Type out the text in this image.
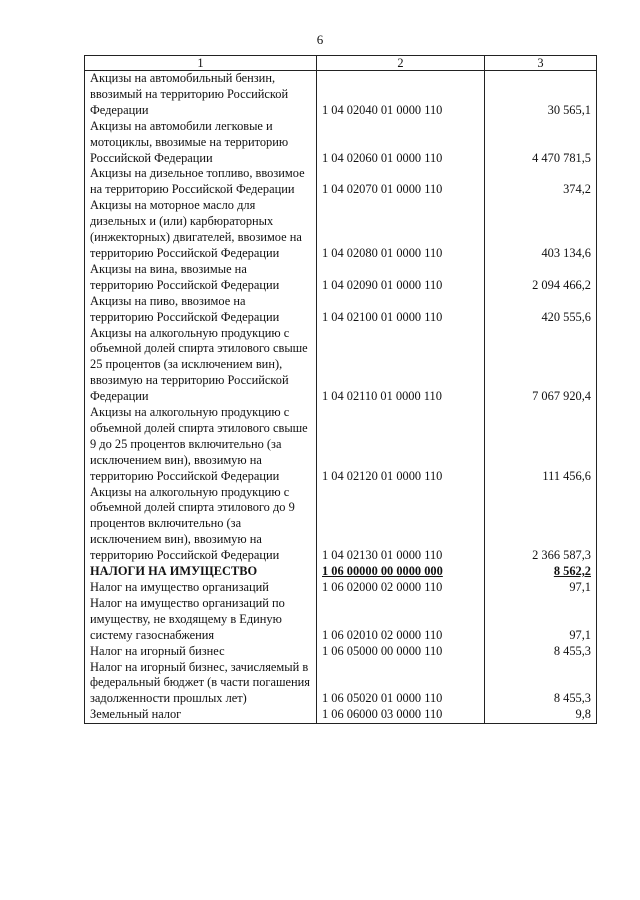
6
1	2	3
Акцизы на автомобильный бензин, ввозимый на территорию Российской Федерации	1 04 02040 01 0000 110	30 565,1
Акцизы на автомобили легковые и мотоциклы, ввозимые на территорию Российской Федерации	1 04 02060 01 0000 110	4 470 781,5
Акцизы на дизельное топливо, ввозимое на территорию Российской Федерации	1 04 02070 01 0000 110	374,2
Акцизы на моторное масло для дизельных и (или) карбюраторных (инжекторных) двигателей, ввозимое на территорию Российской Федерации	1 04 02080 01 0000 110	403 134,6
Акцизы на вина, ввозимые на территорию Российской Федерации	1 04 02090 01 0000 110	2 094 466,2
Акцизы на пиво, ввозимое на территорию Российской Федерации	1 04 02100 01 0000 110	420 555,6
Акцизы на алкогольную продукцию с объемной долей спирта этилового свыше 25 процентов (за исключением вин), ввозимую на территорию Российской Федерации	1 04 02110 01 0000 110	7 067 920,4
Акцизы на алкогольную продукцию с объемной долей спирта этилового свыше 9 до 25 процентов включительно (за исключением вин), ввозимую на территорию Российской Федерации	1 04 02120 01 0000 110	111 456,6
Акцизы на алкогольную продукцию с объемной долей спирта этилового до 9 процентов включительно (за исключением вин), ввозимую на территорию Российской Федерации	1 04 02130 01 0000 110	2 366 587,3
НАЛОГИ НА ИМУЩЕСТВО	1 06 00000 00 0000 000	8 562,2
Налог на имущество организаций	1 06 02000 02 0000 110	97,1
Налог на имущество организаций по имуществу, не входящему в Единую систему газоснабжения	1 06 02010 02 0000 110	97,1
Налог на игорный бизнес	1 06 05000 00 0000 110	8 455,3
Налог на игорный бизнес, зачисляемый в федеральный бюджет (в части погашения задолженности прошлых лет)	1 06 05020 01 0000 110	8 455,3
Земельный налог	1 06 06000 03 0000 110	9,8
